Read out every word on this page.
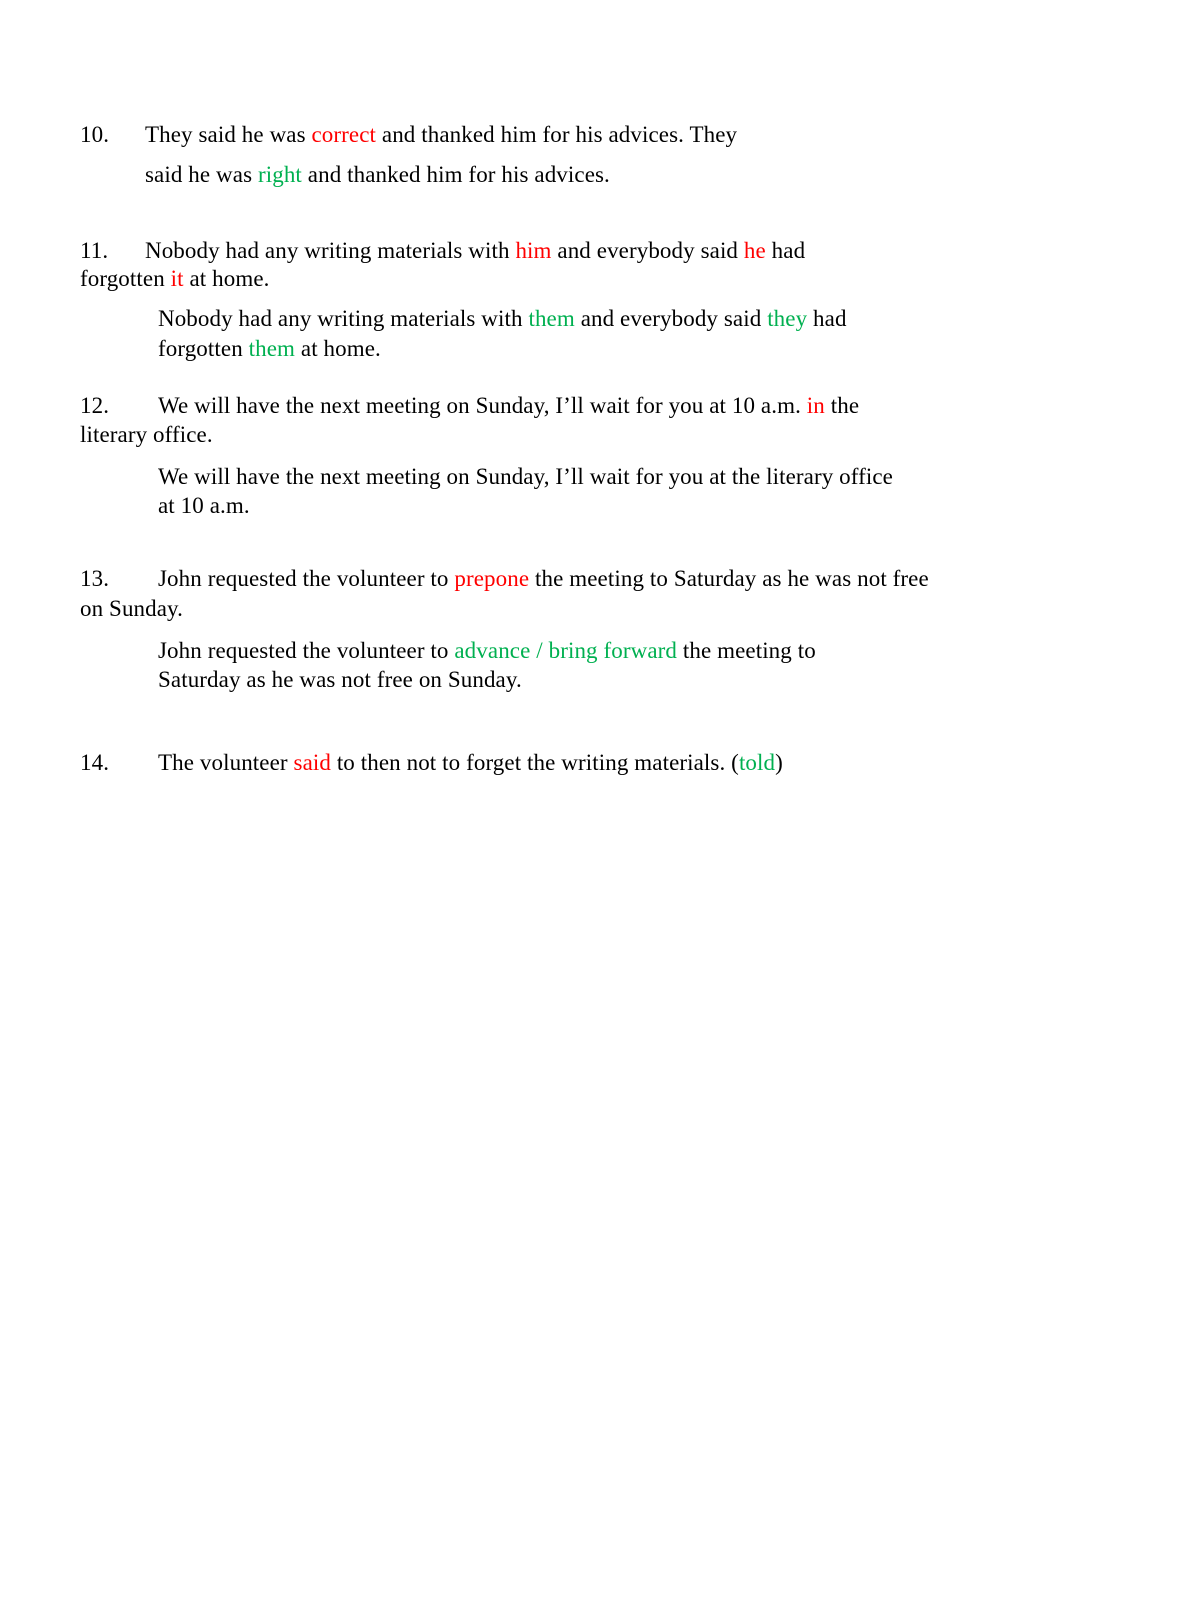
10. They said he was correct and thanked him for his advices. They
said he was right and thanked him for his advices.
11. Nobody had any writing materials with him and everybody said he had
forgotten it at home.
Nobody had any writing materials with them and everybody said they had
forgotten them at home.
12. We will have the next meeting on Sunday, I’ll wait for you at 10 a.m. in the
literary office.
We will have the next meeting on Sunday, I’ll wait for you at the literary office
at 10 a.m.
13. John requested the volunteer to prepone the meeting to Saturday as he was not free
on Sunday.
John requested the volunteer to advance / bring forward the meeting to
Saturday as he was not free on Sunday.
14. The volunteer said to then not to forget the writing materials. (told)
